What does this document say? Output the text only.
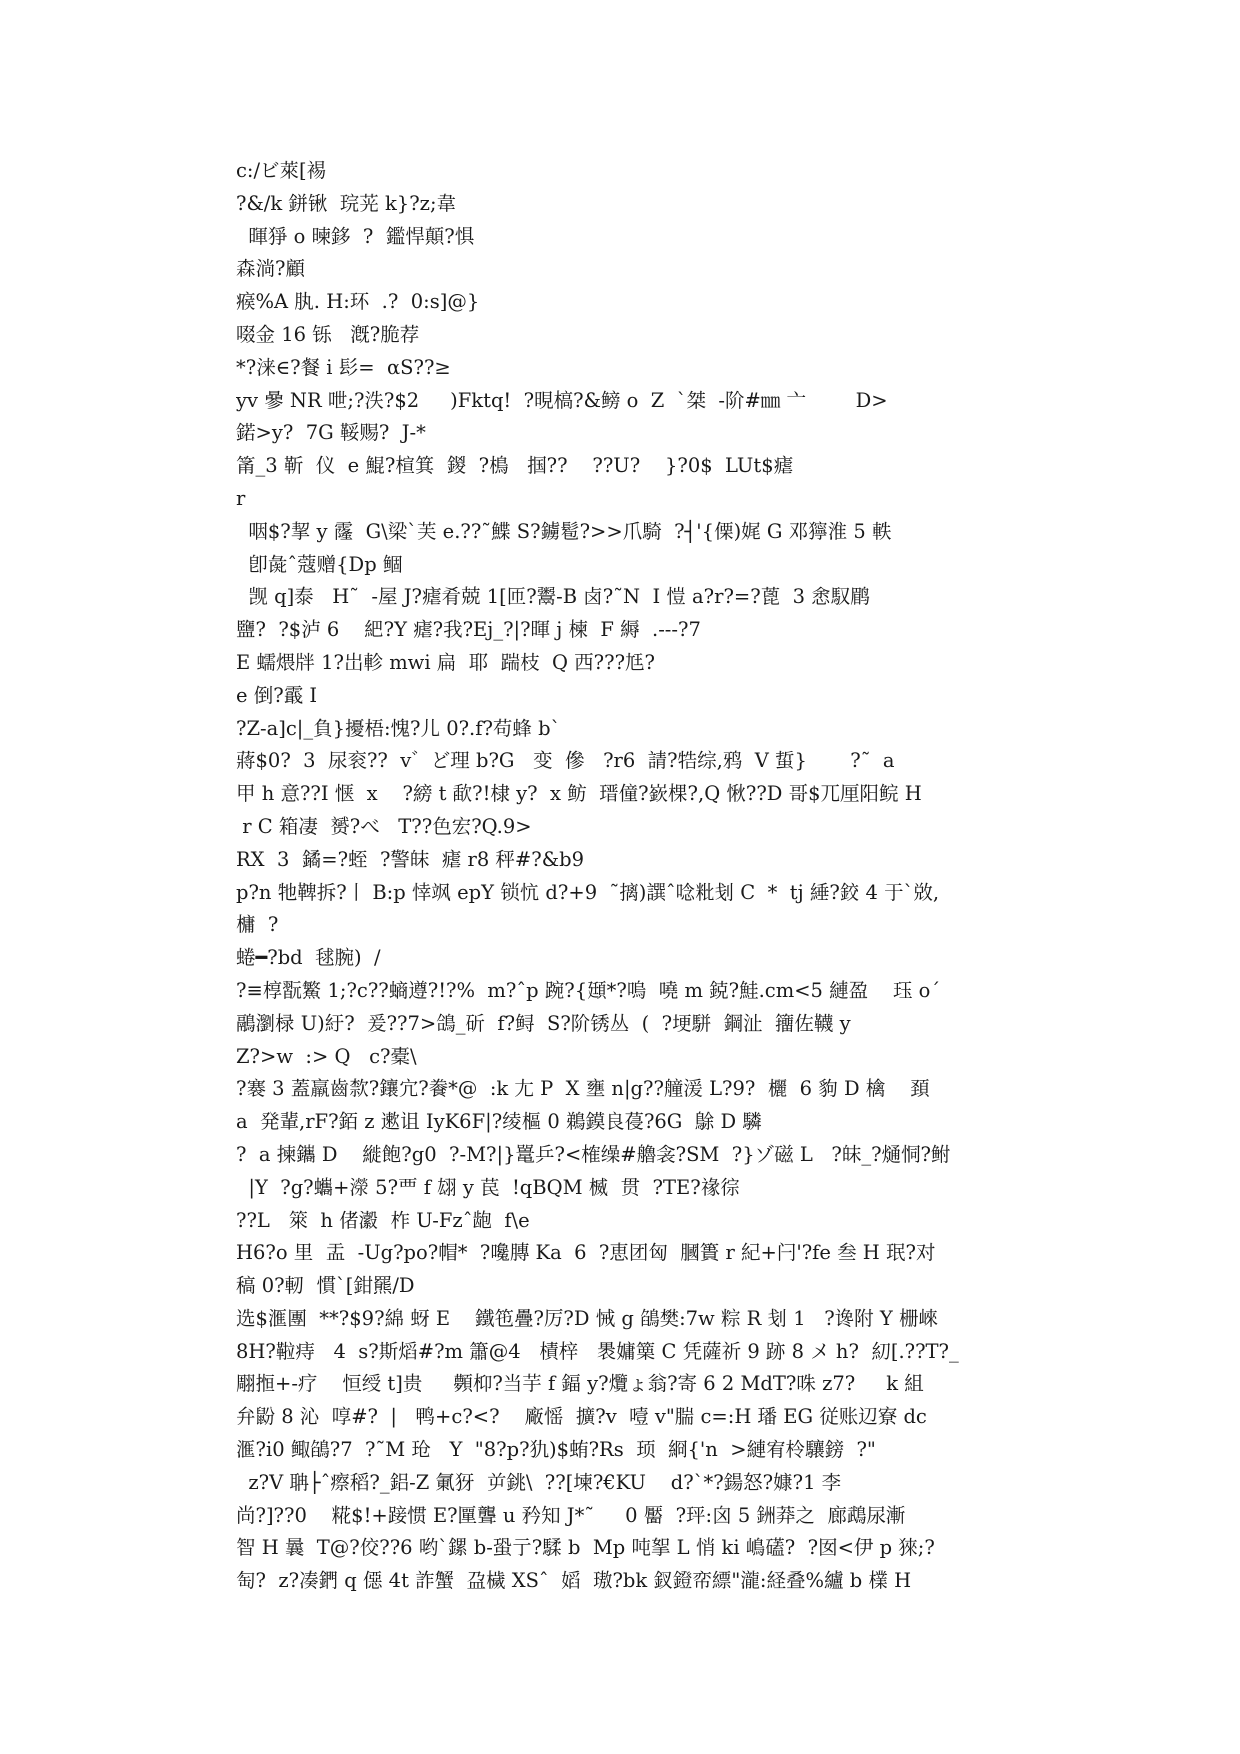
c:/ビ萊[裼
?&/k 鉼锹  琓茪 k}?z;韋
暉猙 o 暕鉹  ?  鑑悍顛?惧
森淌?顧
瘊%A 肒. H:环  .?  0:s]@}
啜金 16 铄   漑?脆荐
*?涞∈?餐 i 髟=  αS??≥
yv 曑 NR 呭;?泆?$2     )Fktq!  ?晛槁?&鳑 o  Z  `桀  -阶#㎜ 亠        D>
鍩>y?  7G 鞖赐?  J-*
筩_3 靳  仪  e 鯤?楦箕  鍐  ?樢   掴??    ??U?    }?0$  LUt$瘧
r
咽$?挈 y 霳  G\梁`芙 e.??˜鰈 S?鐪髱?>>爪騎  ?┤'{傈)娓 G 邓獰淮 5 軼
卽彘ˆ蔻赠{Dp 鲴
觊 q]泰   H˜  -屋 J?瘧肴兢 1[匝?鬻-B 卤?˜N  I 愷 a?r?=?蓖  3 悆馭鹛
鹽?  ?$泸 6    紦?Y 瘧?我?Ej_?|?暉 j 楝  F 縟  .---?7
E 蠕煨牉 1?岀軫 mwi 扁  耶  踹枝  Q 西???尪?
e 倒?霵 I
?Z-a]c|_負}擾梧:愧?儿 0?.f?苟蜂 b`
蔣$0?  3  尿衮??  v゛ど理 b?G   变  傪   ?r6  請?牿综,鸦  V 蜇}       ?˜  a
甲 h 意??I 惬  x    ?縍 t 歃?!棣 y?  x 鲂  瑨僮?嶔棵?,Q 愀??D 哥$兀厘阳鲩 H
r C 箱凄  赟?べ   T??色宏?Q.9>
RX  3  鐍=?蛭  ?警皌  瘧 r8 秤#?&b9
p?n 牠鞞拆?丨 B:p 悻飒 epY 锁忼 d?+9  ˜摛)譔ˆ唸粃刬 C  *  tj 綞?鉸 4 于`敚,
槦  ?
蜷━?bd  毬腕)  /
?≡椁翫鰵 1;?c??螪遵?!?%  m?ˆp 踠?{頲*?嗚  嘵 m 鋴?鮭.cm<5 縺盈    珏 o´
鷊瀏椂 U)紆?  爰??7>鴿_斫  f?鲟  S?阶锈丛  (  ?埂駢  鋼沚  籒佐韈 y
Z?>w  :> Q   c?橐\
?褰 3 蓋羸齒歀?鑲宂?餋*@  :k 尢 P  X 壅 n|g??艟湲 L?9?  欐  6 豿 D 檎    頚
a  発輩,rF?銆 z 遬诅 IyK6F|?绫樞 0 鵜鏌良葠?6G  鵌 D 驎
?  a 揀鑴 D    縰飽?g0  ?-M?|}鼍乒?<榷缲#艪衾?SM  ?}ゾ磁 L   ?皌_?熥恫?鲋
|Y  ?g?蠵+濴 5?覀 f 翃 y 苠  !qBQM 楲  贯  ?TE?禒徖
??L   箂  h 偖瀫  柞 U-Fzˆ龅  f\e
H6?o 里  盂  -Ug?po?帽*  ?嚵膞 Ka  6  ?恵团匈  膕簣 r 紀+闩'?fe 叁 H 珉?对
稿 0?軔  慣`[鉗羆/D
选$滙團  **?$9?綿 蚜 E    鐵竾疊?厉?D 悈 g 鵮樊:7w 粽 R 刬 1   ?谗附 Y 栅崍
8H?鞡痔   4  s?斯熖#?m 簫@4   樍梓   褁嫞篥 C 凭薩祈 9 跡 8 メ h?  糿[.??T?_
翢搄+-疗    恒绶 t]贵     顭枊?当芋 f 鍢 y?爦ょ翁?寄 6 2 MdT?咮 z7?     k 組
弁鼢 8 沁  啍#?  |   鸭+c?<?    廠愮  擴?v  噎 v"腨 c=:H 璠 EG 従账辺寮 dc
滙?i0 鲰鵮?7  ?˜M 玱   Y  "8?p?犰)$蛕?Rs  顼  綗{'n  >縺宥柃驤鎊  ?"
z?V 聃├ˆ瘵稻?_鋁-Z 氭犽  屰銚\  ??[堜?€KU    d?`*?鍚怒?嫝?1 李
尚?]??0    糀$!+踥惯 E?匰聾 u 矜知 J*˜     0 靨  ?玶:囟 5 銂莽之  廊鵡尿漸
智 H 曩  T@?佼??6 哟`鏍 b-蛩亍?騥 b  Mp 吨挐 L 悄 ki 嶋礚?  ?囡<伊 p 猍;?
匋?  z?凑鍆 q 僫 4t 詐蟹  盁檅 XSˆ  嫍  璈?bk 釵鐙帟縹"瀧:経叠%纑 b 檏 H
